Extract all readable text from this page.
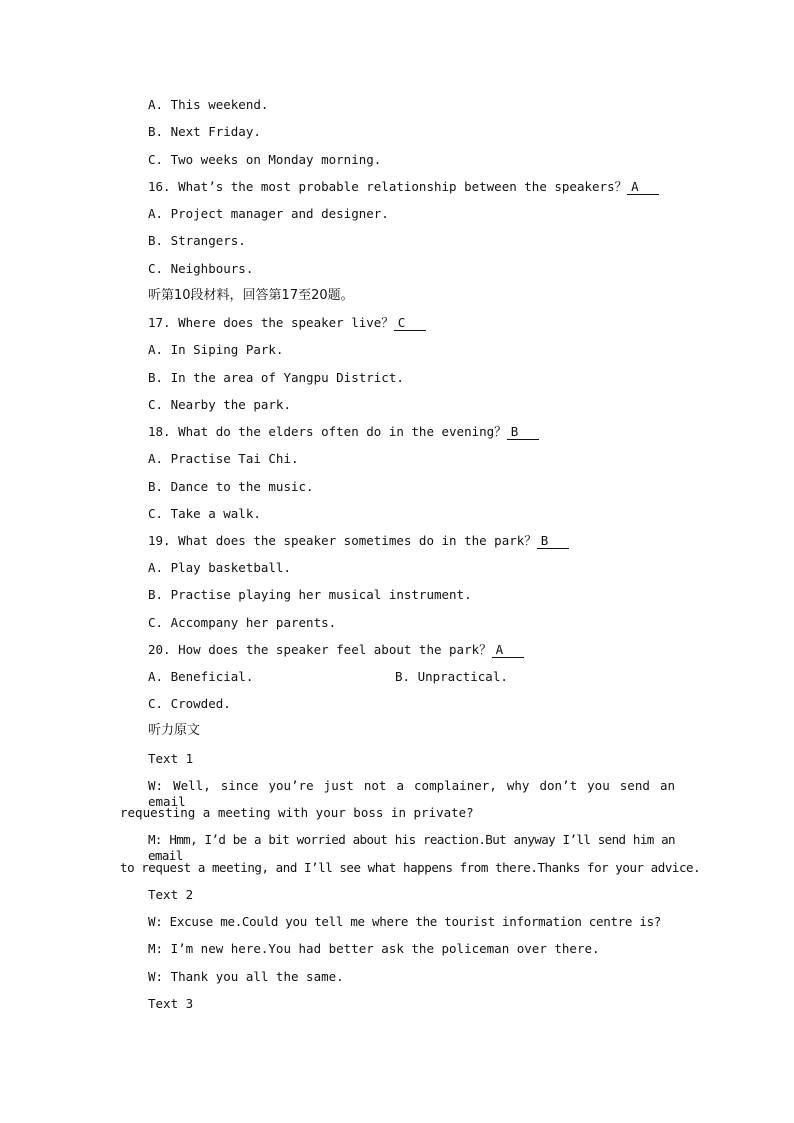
A. This weekend.
B. Next Friday.
C. Two weeks on Monday morning.
16. What’s the most probable relationship between the speakers？ A
A. Project manager and designer.
B. Strangers.
C. Neighbours.
听第10段材料，回答第17至20题。
17. Where does the speaker live？ C
A. In Siping Park.
B. In the area of Yangpu District.
C. Nearby the park.
18. What do the elders often do in the evening？ B
A. Practise Tai Chi.
B. Dance to the music.
C. Take a walk.
19. What does the speaker sometimes do in the park？ B
A. Play basketball.
B. Practise playing her musical instrument.
C. Accompany her parents.
20. How does the speaker feel about the park？ A
A. Beneficial.	B. Unpractical.
C. Crowded.
听力原文
Text 1
W: Well, since you’re just not a complainer, why don’t you send an email
requesting a meeting with your boss in private?
M: Hmm, I’d be a bit worried about his reaction.But anyway I’ll send him an email
to request a meeting, and I’ll see what happens from there.Thanks for your advice.
Text 2
W: Excuse me.Could you tell me where the tourist information centre is?
M: I’m new here.You had better ask the policeman over there.
W: Thank you all the same.
Text 3
